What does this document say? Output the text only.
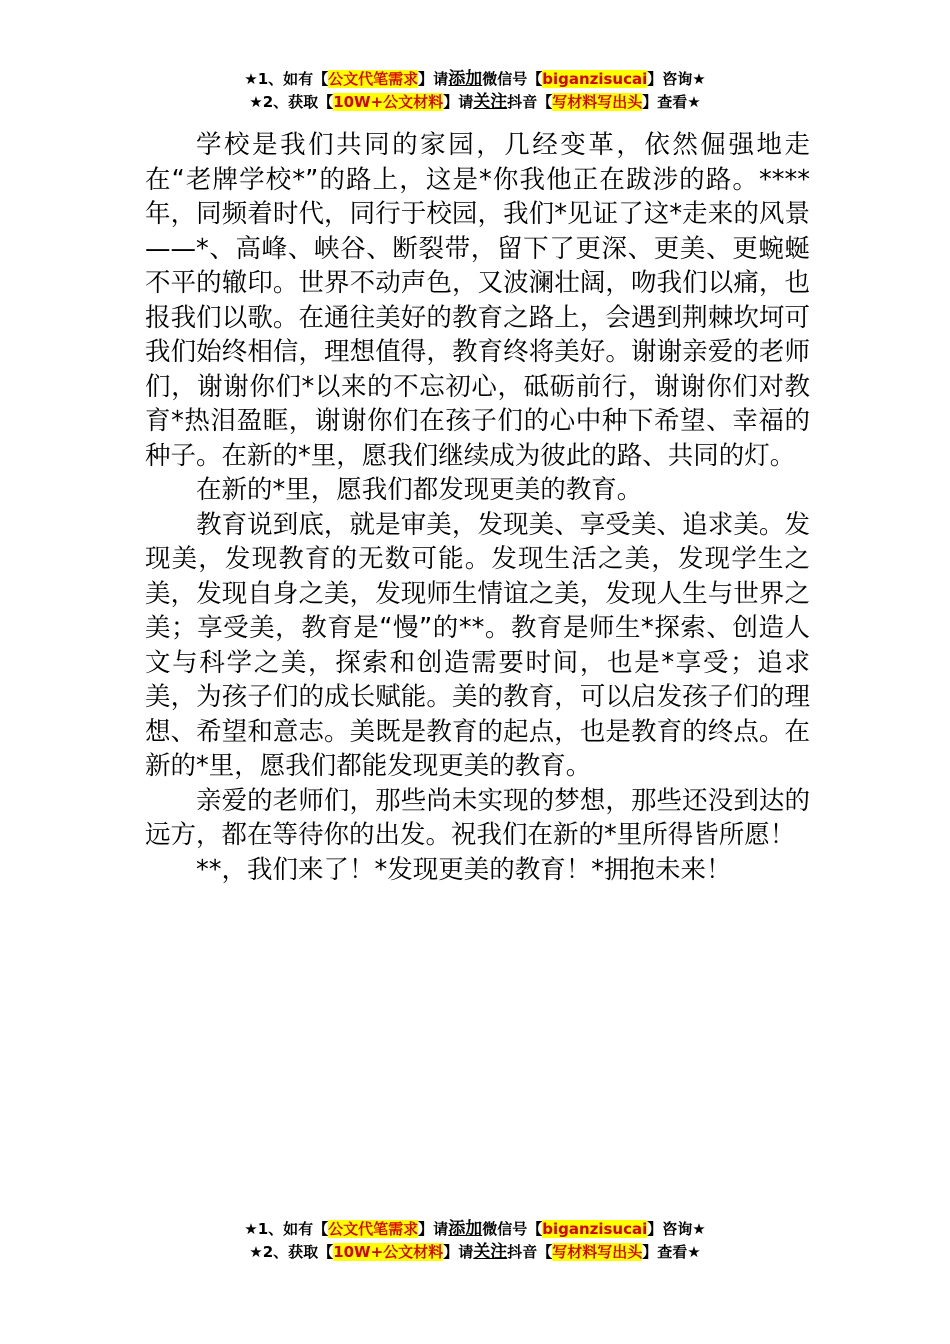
★1、如有【公文代笔需求】请添加微信号【biganzisucai】咨询★
★2、获取【10W+公文材料】请关注抖音【写材料写出头】查看★

学校是我们共同的家园，几经变革，依然倔强地走在“老牌学校*”的路上，这是*你我他正在跋涉的路。****年，同频着时代，同行于校园，我们*见证了这*走来的风景——*、高峰、峡谷、断裂带，留下了更深、更美、更蜿蜒不平的辙印。世界不动声色，又波澜壮阔，吻我们以痛，也报我们以歌。在通往美好的教育之路上，会遇到荆棘坎坷可我们始终相信，理想值得，教育终将美好。谢谢亲爱的老师们，谢谢你们*以来的不忘初心，砥砺前行，谢谢你们对教育*热泪盈眶，谢谢你们在孩子们的心中种下希望、幸福的种子。在新的*里，愿我们继续成为彼此的路、共同的灯。

在新的*里，愿我们都发现更美的教育。

教育说到底，就是审美，发现美、享受美、追求美。发现美，发现教育的无数可能。发现生活之美，发现学生之美，发现自身之美，发现师生情谊之美，发现人生与世界之美；享受美，教育是“慢”的**。教育是师生*探索、创造人文与科学之美，探索和创造需要时间，也是*享受；追求美，为孩子们的成长赋能。美的教育，可以启发孩子们的理想、希望和意志。美既是教育的起点，也是教育的终点。在新的*里，愿我们都能发现更美的教育。

亲爱的老师们，那些尚未实现的梦想，那些还没到达的远方，都在等待你的出发。祝我们在新的*里所得皆所愿！

**，我们来了！*发现更美的教育！*拥抱未来！

★1、如有【公文代笔需求】请添加微信号【biganzisucai】咨询★
★2、获取【10W+公文材料】请关注抖音【写材料写出头】查看★
